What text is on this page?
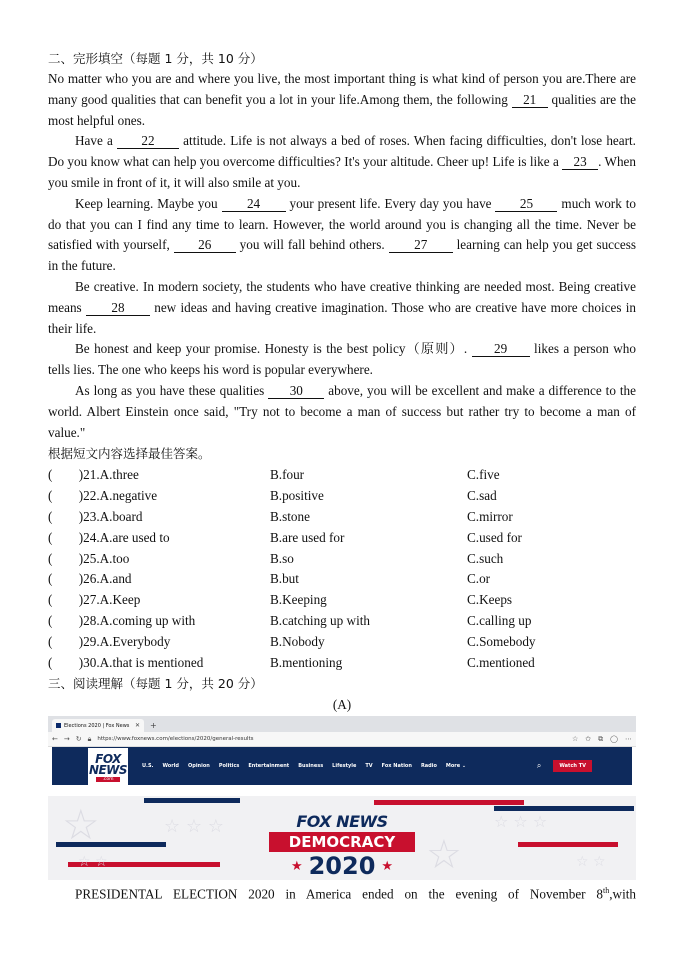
二、完形填空（每题 1 分，共 10 分）

No matter who you are and where you live, the most important thing is what kind of person you are.There are many good qualities that can benefit you a lot in your life.Among them, the following 21 qualities are the most helpful ones.

Have a 22 attitude. Life is not always a bed of roses. When facing difficulties, don't lose heart. Do you know what can help you overcome difficulties? It's your altitude. Cheer up! Life is like a 23 . When you smile in front of it, it will also smile at you.

Keep learning. Maybe you 24 your present life. Every day you have 25 much work to do that you can I find any time to learn. However, the world around you is changing all the time. Never be satisfied with yourself, 26 you will fall behind others. 27 learning can help you get success in the future.

Be creative. In modern society, the students who have creative thinking are needed most. Being creative means 28 new ideas and having creative imagination. Those who are creative have more choices in their life.

Be honest and keep your promise. Honesty is the best policy（原则）. 29 likes a person who tells lies. The one who keeps his word is popular everywhere.

As long as you have these qualities 30 above, you will be excellent and make a difference to the world. Albert Einstein once said, "Try not to become a man of success but rather try to become a man of value."

根据短文内容选择最佳答案。
(　　)21.A.three	B.four	C.five
(　　)22.A.negative	B.positive	C.sad
(　　)23.A.board	B.stone	C.mirror
(　　)24.A.are used to	B.are used for	C.used for
(　　)25.A.too	B.so	C.such
(　　)26.A.and	B.but	C.or
(　　)27.A.Keep	B.Keeping	C.Keeps
(　　)28.A.coming up with	B.catching up with	C.calling up
(　　)29.A.Everybody	B.Nobody	C.Somebody
(　　)30.A.that is mentioned	B.mentioning	C.mentioned
三、阅读理解（每题 1 分，共 20 分）
(A)
Elections 2020 | Fox News ✕ +
← → ↻ 🔒︎ https://www.foxnews.com/elections/2020/general-results	☆ ✩ ⧉ ◯ ⋯
FOX
NEWS
.com
U.S. World Opinion Politics Entertainment Business Lifestyle TV Fox Nation Radio More ⌄	⌕	Watch TV
☆	☆ ☆ ☆
☆
☆ ☆ ☆
☆ ☆	☆ ☆
FOX NEWS
DEMOCRACY
★ 2020 ★
PRESIDENTAL ELECTION 2020 in America ended on the evening of November 8th,with
